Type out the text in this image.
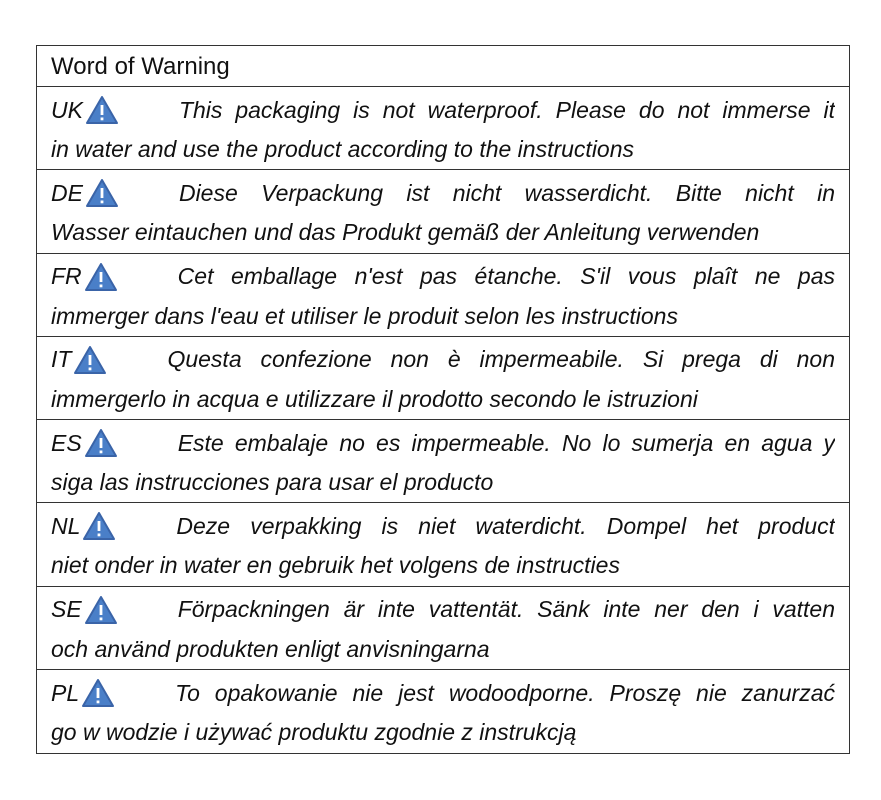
Word of Warning
UK	This packaging is not waterproof. Please do not immerse it
in water and use the product according to the instructions
DE	Diese Verpackung ist nicht wasserdicht. Bitte nicht in
Wasser eintauchen und das Produkt gemäß der Anleitung verwenden
FR	Cet emballage n'est pas étanche. S'il vous plaît ne pas
immerger dans l'eau et utiliser le produit selon les instructions
IT	Questa confezione non è impermeabile. Si prega di non
immergerlo in acqua e utilizzare il prodotto secondo le istruzioni
ES	Este embalaje no es impermeable. No lo sumerja en agua y
siga las instrucciones para usar el producto
NL	Deze verpakking is niet waterdicht. Dompel het product
niet onder in water en gebruik het volgens de instructies
SE	Förpackningen är inte vattentät. Sänk inte ner den i vatten
och använd produkten enligt anvisningarna
PL	To opakowanie nie jest wodoodporne. Proszę nie zanurzać
go w wodzie i używać produktu zgodnie z instrukcją
